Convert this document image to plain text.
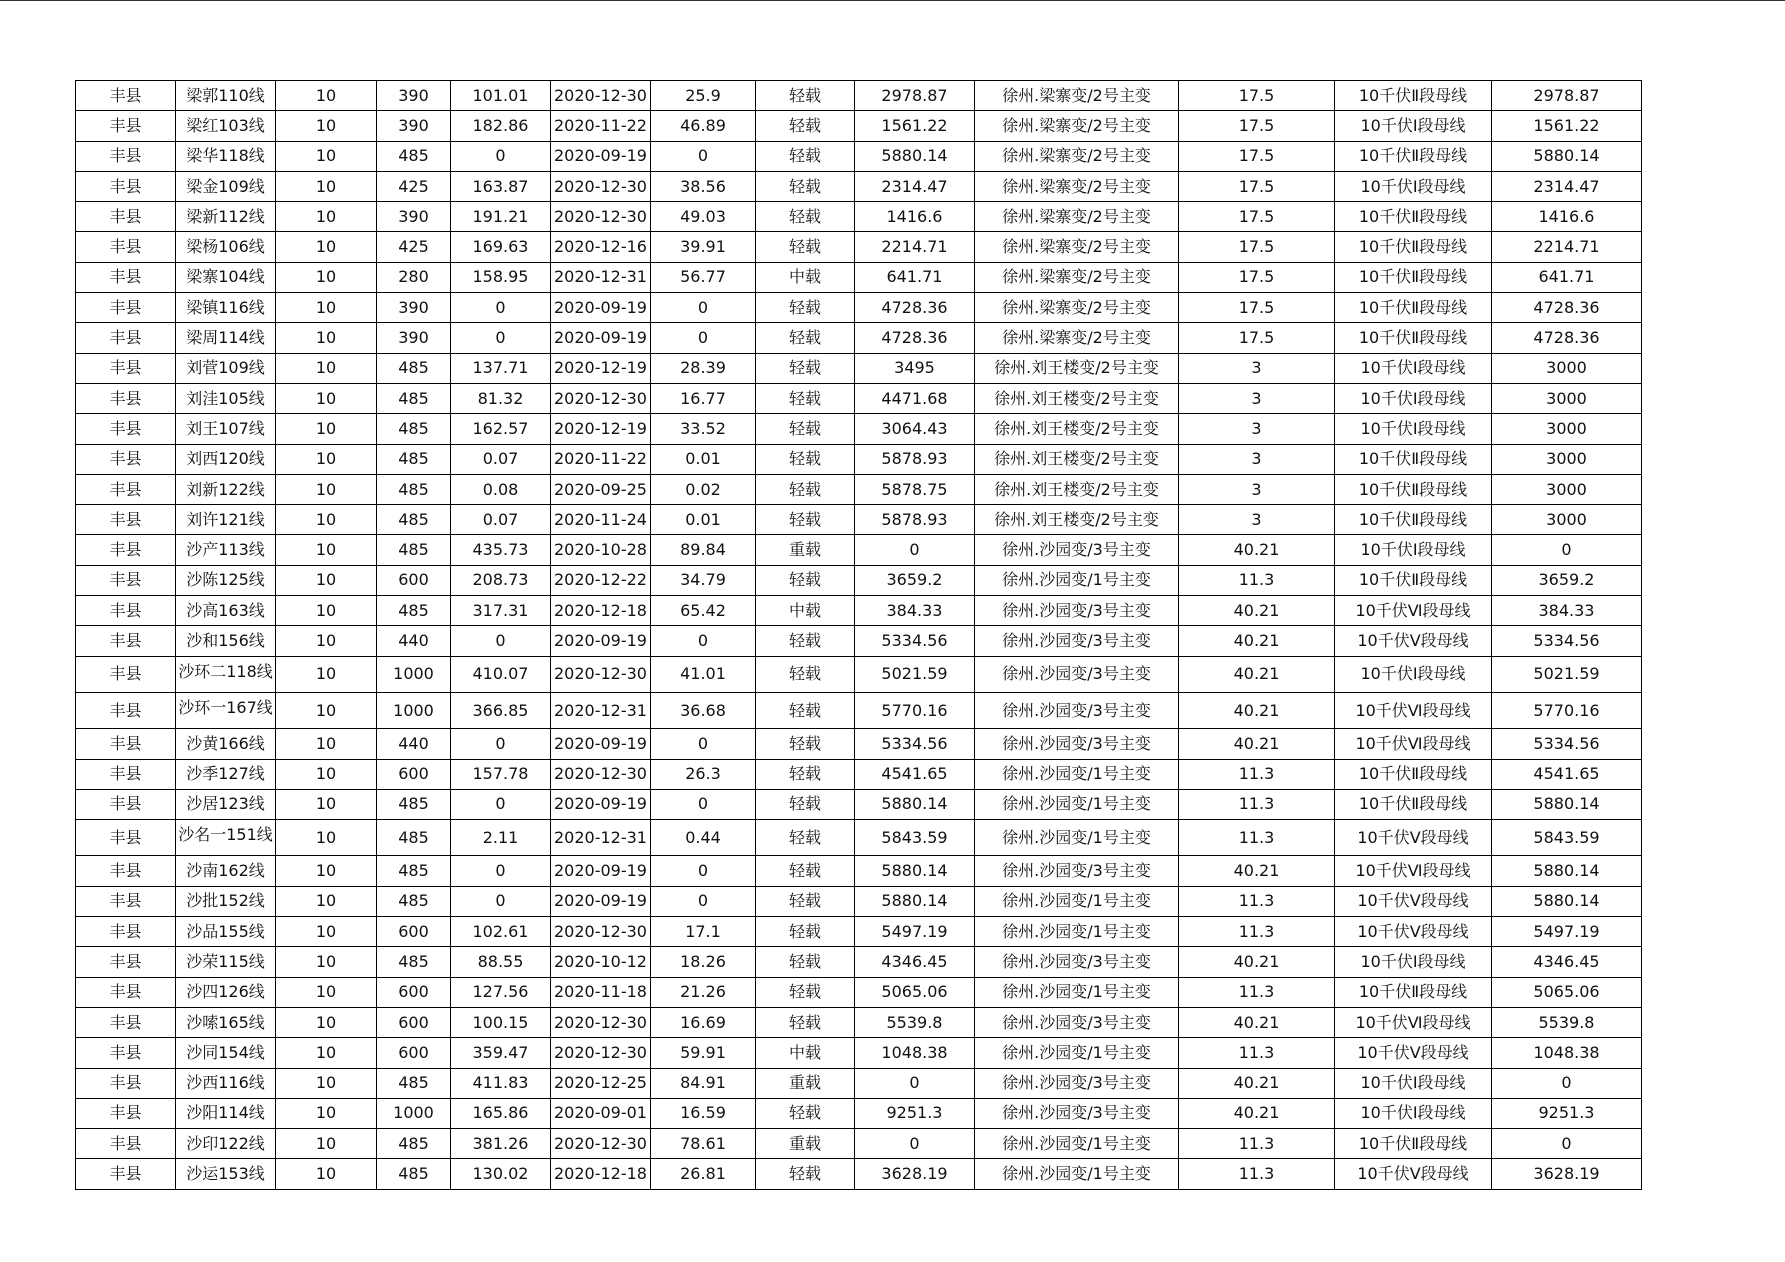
丰县	梁郭110线	10	390	101.01	2020-12-30	25.9	轻载	2978.87	徐州.梁寨变/2号主变	17.5	10千伏Ⅱ段母线	2978.87
丰县	梁红103线	10	390	182.86	2020-11-22	46.89	轻载	1561.22	徐州.梁寨变/2号主变	17.5	10千伏Ⅰ段母线	1561.22
丰县	梁华118线	10	485	0	2020-09-19	0	轻载	5880.14	徐州.梁寨变/2号主变	17.5	10千伏Ⅱ段母线	5880.14
丰县	梁金109线	10	425	163.87	2020-12-30	38.56	轻载	2314.47	徐州.梁寨变/2号主变	17.5	10千伏Ⅰ段母线	2314.47
丰县	梁新112线	10	390	191.21	2020-12-30	49.03	轻载	1416.6	徐州.梁寨变/2号主变	17.5	10千伏Ⅱ段母线	1416.6
丰县	梁杨106线	10	425	169.63	2020-12-16	39.91	轻载	2214.71	徐州.梁寨变/2号主变	17.5	10千伏Ⅱ段母线	2214.71
丰县	梁寨104线	10	280	158.95	2020-12-31	56.77	中载	641.71	徐州.梁寨变/2号主变	17.5	10千伏Ⅱ段母线	641.71
丰县	梁镇116线	10	390	0	2020-09-19	0	轻载	4728.36	徐州.梁寨变/2号主变	17.5	10千伏Ⅱ段母线	4728.36
丰县	梁周114线	10	390	0	2020-09-19	0	轻载	4728.36	徐州.梁寨变/2号主变	17.5	10千伏Ⅱ段母线	4728.36
丰县	刘菅109线	10	485	137.71	2020-12-19	28.39	轻载	3495	徐州.刘王楼变/2号主变	3	10千伏Ⅰ段母线	3000
丰县	刘洼105线	10	485	81.32	2020-12-30	16.77	轻载	4471.68	徐州.刘王楼变/2号主变	3	10千伏Ⅰ段母线	3000
丰县	刘王107线	10	485	162.57	2020-12-19	33.52	轻载	3064.43	徐州.刘王楼变/2号主变	3	10千伏Ⅰ段母线	3000
丰县	刘西120线	10	485	0.07	2020-11-22	0.01	轻载	5878.93	徐州.刘王楼变/2号主变	3	10千伏Ⅱ段母线	3000
丰县	刘新122线	10	485	0.08	2020-09-25	0.02	轻载	5878.75	徐州.刘王楼变/2号主变	3	10千伏Ⅱ段母线	3000
丰县	刘许121线	10	485	0.07	2020-11-24	0.01	轻载	5878.93	徐州.刘王楼变/2号主变	3	10千伏Ⅱ段母线	3000
丰县	沙产113线	10	485	435.73	2020-10-28	89.84	重载	0	徐州.沙园变/3号主变	40.21	10千伏Ⅰ段母线	0
丰县	沙陈125线	10	600	208.73	2020-12-22	34.79	轻载	3659.2	徐州.沙园变/1号主变	11.3	10千伏Ⅱ段母线	3659.2
丰县	沙高163线	10	485	317.31	2020-12-18	65.42	中载	384.33	徐州.沙园变/3号主变	40.21	10千伏Ⅵ段母线	384.33
丰县	沙和156线	10	440	0	2020-09-19	0	轻载	5334.56	徐州.沙园变/3号主变	40.21	10千伏Ⅴ段母线	5334.56
丰县	沙环二118线	10	1000	410.07	2020-12-30	41.01	轻载	5021.59	徐州.沙园变/3号主变	40.21	10千伏Ⅰ段母线	5021.59
丰县	沙环一167线	10	1000	366.85	2020-12-31	36.68	轻载	5770.16	徐州.沙园变/3号主变	40.21	10千伏Ⅵ段母线	5770.16
丰县	沙黄166线	10	440	0	2020-09-19	0	轻载	5334.56	徐州.沙园变/3号主变	40.21	10千伏Ⅵ段母线	5334.56
丰县	沙季127线	10	600	157.78	2020-12-30	26.3	轻载	4541.65	徐州.沙园变/1号主变	11.3	10千伏Ⅱ段母线	4541.65
丰县	沙居123线	10	485	0	2020-09-19	0	轻载	5880.14	徐州.沙园变/1号主变	11.3	10千伏Ⅱ段母线	5880.14
丰县	沙名一151线	10	485	2.11	2020-12-31	0.44	轻载	5843.59	徐州.沙园变/1号主变	11.3	10千伏Ⅴ段母线	5843.59
丰县	沙南162线	10	485	0	2020-09-19	0	轻载	5880.14	徐州.沙园变/3号主变	40.21	10千伏Ⅵ段母线	5880.14
丰县	沙批152线	10	485	0	2020-09-19	0	轻载	5880.14	徐州.沙园变/1号主变	11.3	10千伏Ⅴ段母线	5880.14
丰县	沙品155线	10	600	102.61	2020-12-30	17.1	轻载	5497.19	徐州.沙园变/1号主变	11.3	10千伏Ⅴ段母线	5497.19
丰县	沙荣115线	10	485	88.55	2020-10-12	18.26	轻载	4346.45	徐州.沙园变/3号主变	40.21	10千伏Ⅰ段母线	4346.45
丰县	沙四126线	10	600	127.56	2020-11-18	21.26	轻载	5065.06	徐州.沙园变/1号主变	11.3	10千伏Ⅱ段母线	5065.06
丰县	沙嗦165线	10	600	100.15	2020-12-30	16.69	轻载	5539.8	徐州.沙园变/3号主变	40.21	10千伏Ⅵ段母线	5539.8
丰县	沙同154线	10	600	359.47	2020-12-30	59.91	中载	1048.38	徐州.沙园变/1号主变	11.3	10千伏Ⅴ段母线	1048.38
丰县	沙西116线	10	485	411.83	2020-12-25	84.91	重载	0	徐州.沙园变/3号主变	40.21	10千伏Ⅰ段母线	0
丰县	沙阳114线	10	1000	165.86	2020-09-01	16.59	轻载	9251.3	徐州.沙园变/3号主变	40.21	10千伏Ⅰ段母线	9251.3
丰县	沙印122线	10	485	381.26	2020-12-30	78.61	重载	0	徐州.沙园变/1号主变	11.3	10千伏Ⅱ段母线	0
丰县	沙运153线	10	485	130.02	2020-12-18	26.81	轻载	3628.19	徐州.沙园变/1号主变	11.3	10千伏Ⅴ段母线	3628.19
